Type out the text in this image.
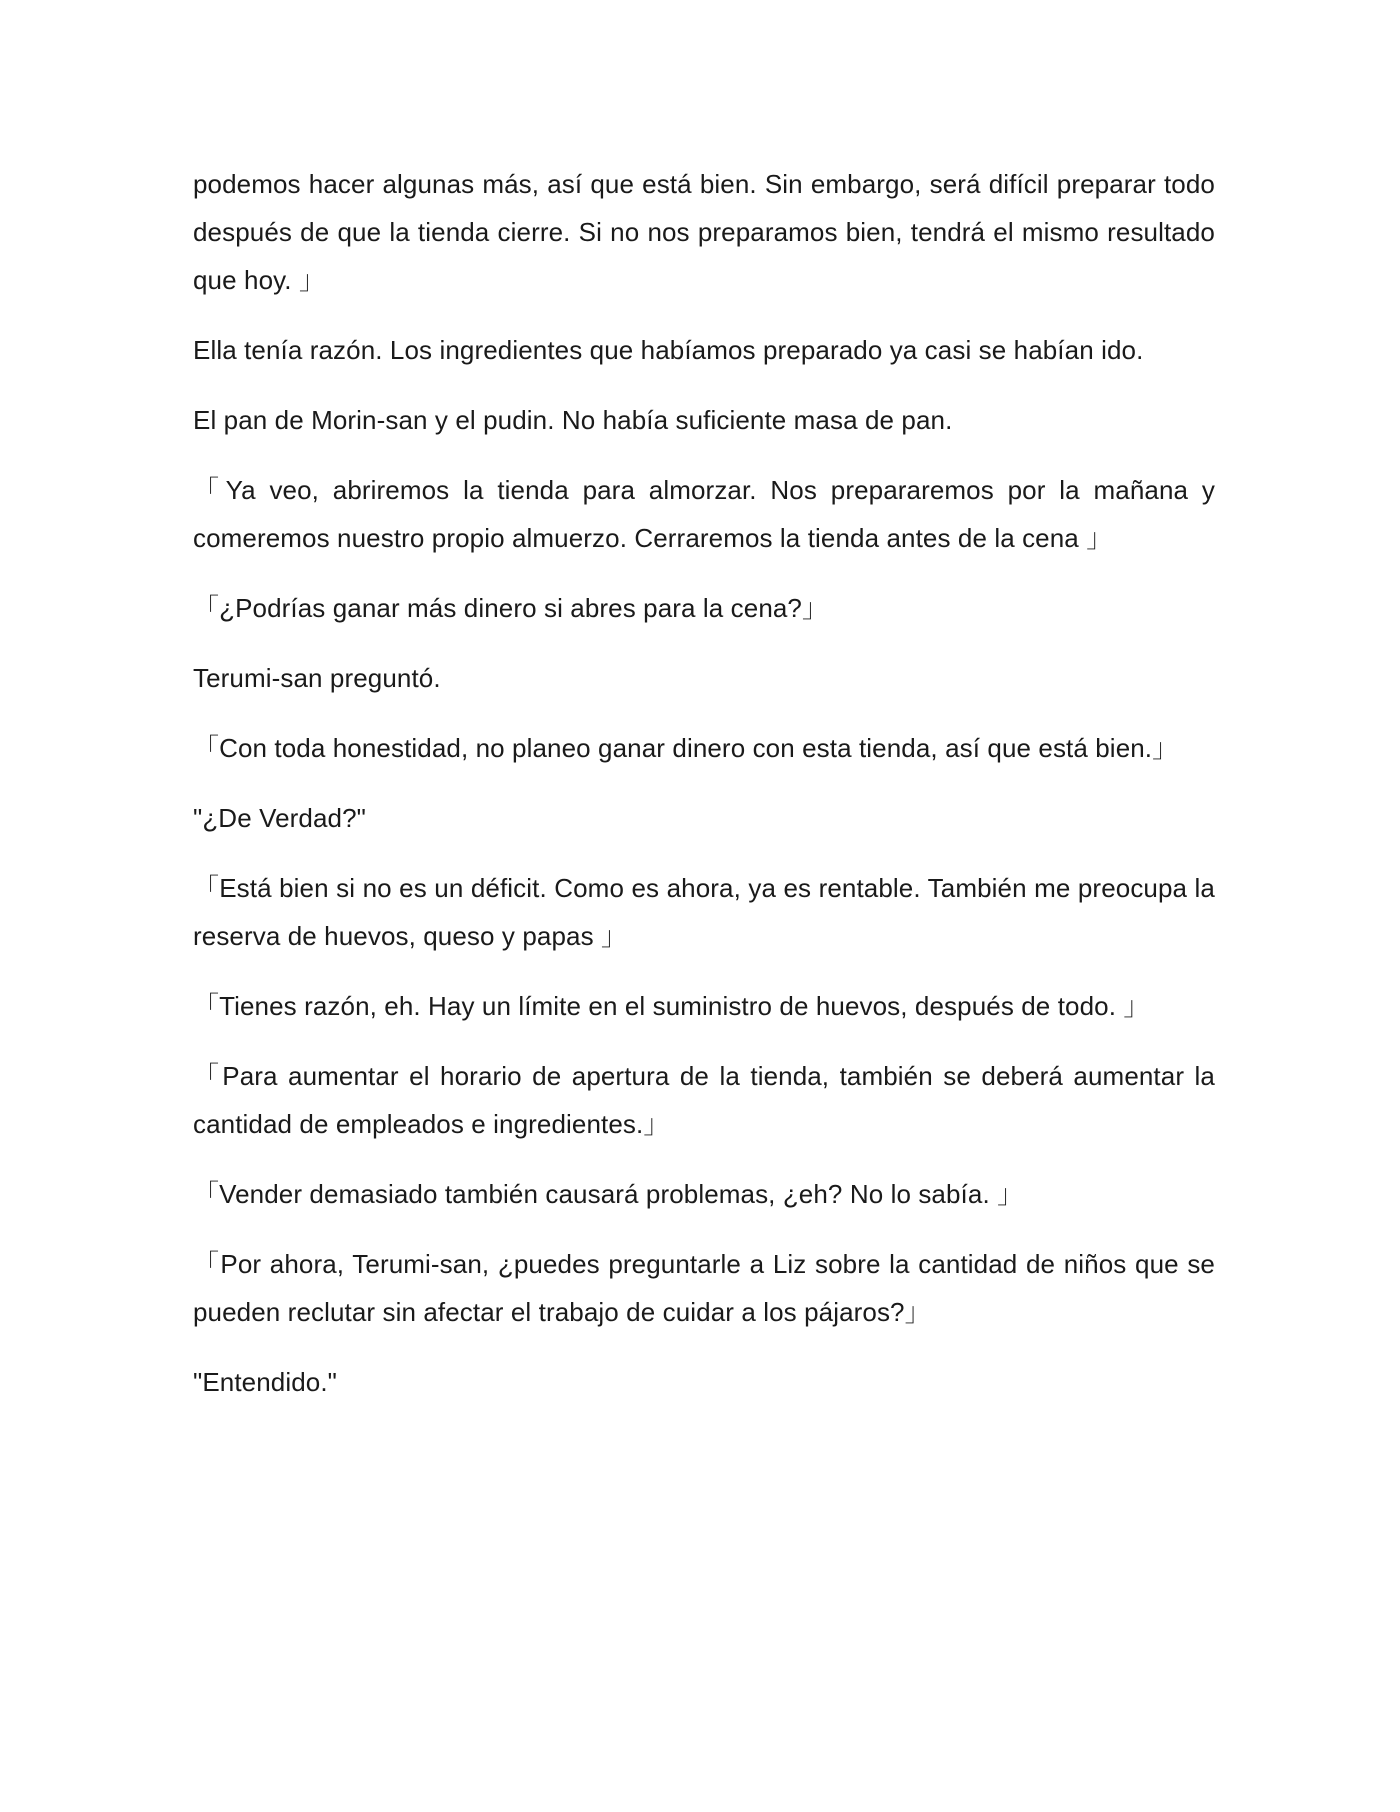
podemos hacer algunas más, así que está bien. Sin embargo, será difícil preparar todo después de que la tienda cierre. Si no nos preparamos bien, tendrá el mismo resultado que hoy. 」

Ella tenía razón. Los ingredientes que habíamos preparado ya casi se habían ido.

El pan de Morin-san y el pudin. No había suficiente masa de pan.

「Ya veo, abriremos la tienda para almorzar. Nos prepararemos por la mañana y comeremos nuestro propio almuerzo. Cerraremos la tienda antes de la cena 」

「¿Podrías ganar más dinero si abres para la cena?」

Terumi-san preguntó.

「Con toda honestidad, no planeo ganar dinero con esta tienda, así que está bien.」

"¿De Verdad?"

「Está bien si no es un déficit. Como es ahora, ya es rentable. También me preocupa la reserva de huevos, queso y papas 」

「Tienes razón, eh. Hay un límite en el suministro de huevos, después de todo. 」

「Para aumentar el horario de apertura de la tienda, también se deberá aumentar la cantidad de empleados e ingredientes.」

「Vender demasiado también causará problemas, ¿eh? No lo sabía. 」

「Por ahora, Terumi-san, ¿puedes preguntarle a Liz sobre la cantidad de niños que se pueden reclutar sin afectar el trabajo de cuidar a los pájaros?」

"Entendido."
